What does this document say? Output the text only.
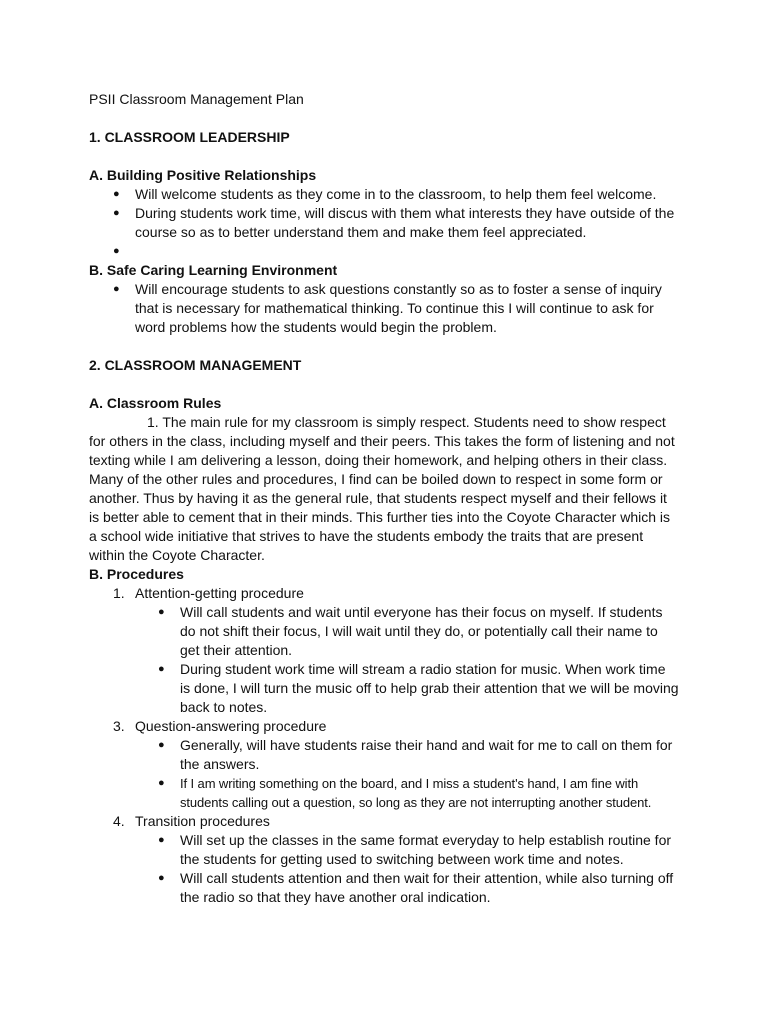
PSII Classroom Management Plan

1. CLASSROOM LEADERSHIP
A. Building Positive Relationships
● Will welcome students as they come in to the classroom, to help them feel welcome.
● During students work time, will discus with them what interests they have outside of the course so as to better understand them and make them feel appreciated.
●
B. Safe Caring Learning Environment
● Will encourage students to ask questions constantly so as to foster a sense of inquiry that is necessary for mathematical thinking. To continue this I will continue to ask for word problems how the students would begin the problem.
2. CLASSROOM MANAGEMENT
A. Classroom Rules

1. The main rule for my classroom is simply respect. Students need to show respect for others in the class, including myself and their peers. This takes the form of listening and not texting while I am delivering a lesson, doing their homework, and helping others in their class. Many of the other rules and procedures, I find can be boiled down to respect in some form or another. Thus by having it as the general rule, that students respect myself and their fellows it is better able to cement that in their minds. This further ties into the Coyote Character which is a school wide initiative that strives to have the students embody the traits that are present within the Coyote Character.

B. Procedures
1. Attention-getting procedure
● Will call students and wait until everyone has their focus on myself. If students do not shift their focus, I will wait until they do, or potentially call their name to get their attention.
● During student work time will stream a radio station for music. When work time is done, I will turn the music off to help grab their attention that we will be moving back to notes.
3. Question-answering procedure
● Generally, will have students raise their hand and wait for me to call on them for the answers.
● If I am writing something on the board, and I miss a student's hand, I am fine with students calling out a question, so long as they are not interrupting another student.
4. Transition procedures
● Will set up the classes in the same format everyday to help establish routine for the students for getting used to switching between work time and notes.
● Will call students attention and then wait for their attention, while also turning off the radio so that they have another oral indication.
